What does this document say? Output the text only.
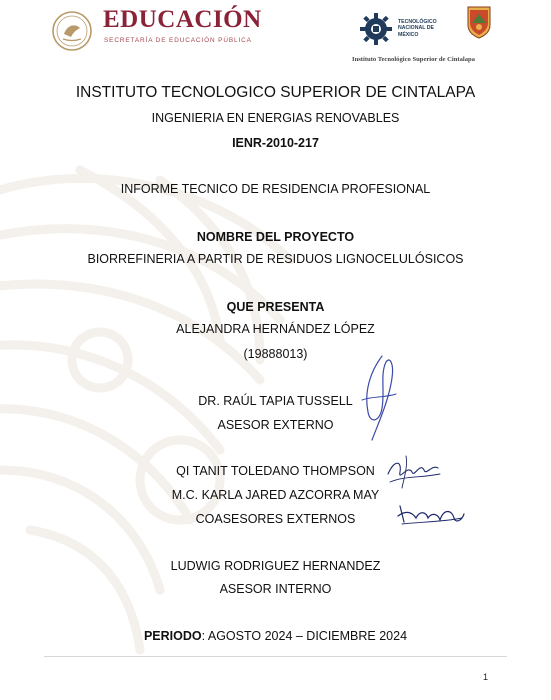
EDUCACIÓN
SECRETARÍA DE EDUCACIÓN PÚBLICA
TECNOLÓGICO NACIONAL DE MÉXICO
Instituto Tecnológico Superior de Cintalapa
INSTITUTO TECNOLOGICO SUPERIOR DE CINTALAPA
INGENIERIA EN ENERGIAS RENOVABLES
IENR-2010-217
INFORME TECNICO DE RESIDENCIA PROFESIONAL
NOMBRE DEL PROYECTO
BIORREFINERIA A PARTIR DE RESIDUOS LIGNOCELULÓSICOS
QUE PRESENTA
ALEJANDRA HERNÁNDEZ LÓPEZ
(19888013)
DR. RAÚL TAPIA TUSSELL
ASESOR EXTERNO
QI TANIT TOLEDANO THOMPSON
M.C. KARLA JARED AZCORRA MAY
COASESORES EXTERNOS
LUDWIG RODRIGUEZ HERNANDEZ
ASESOR INTERNO
PERIODO: AGOSTO 2024 – DICIEMBRE 2024
1
